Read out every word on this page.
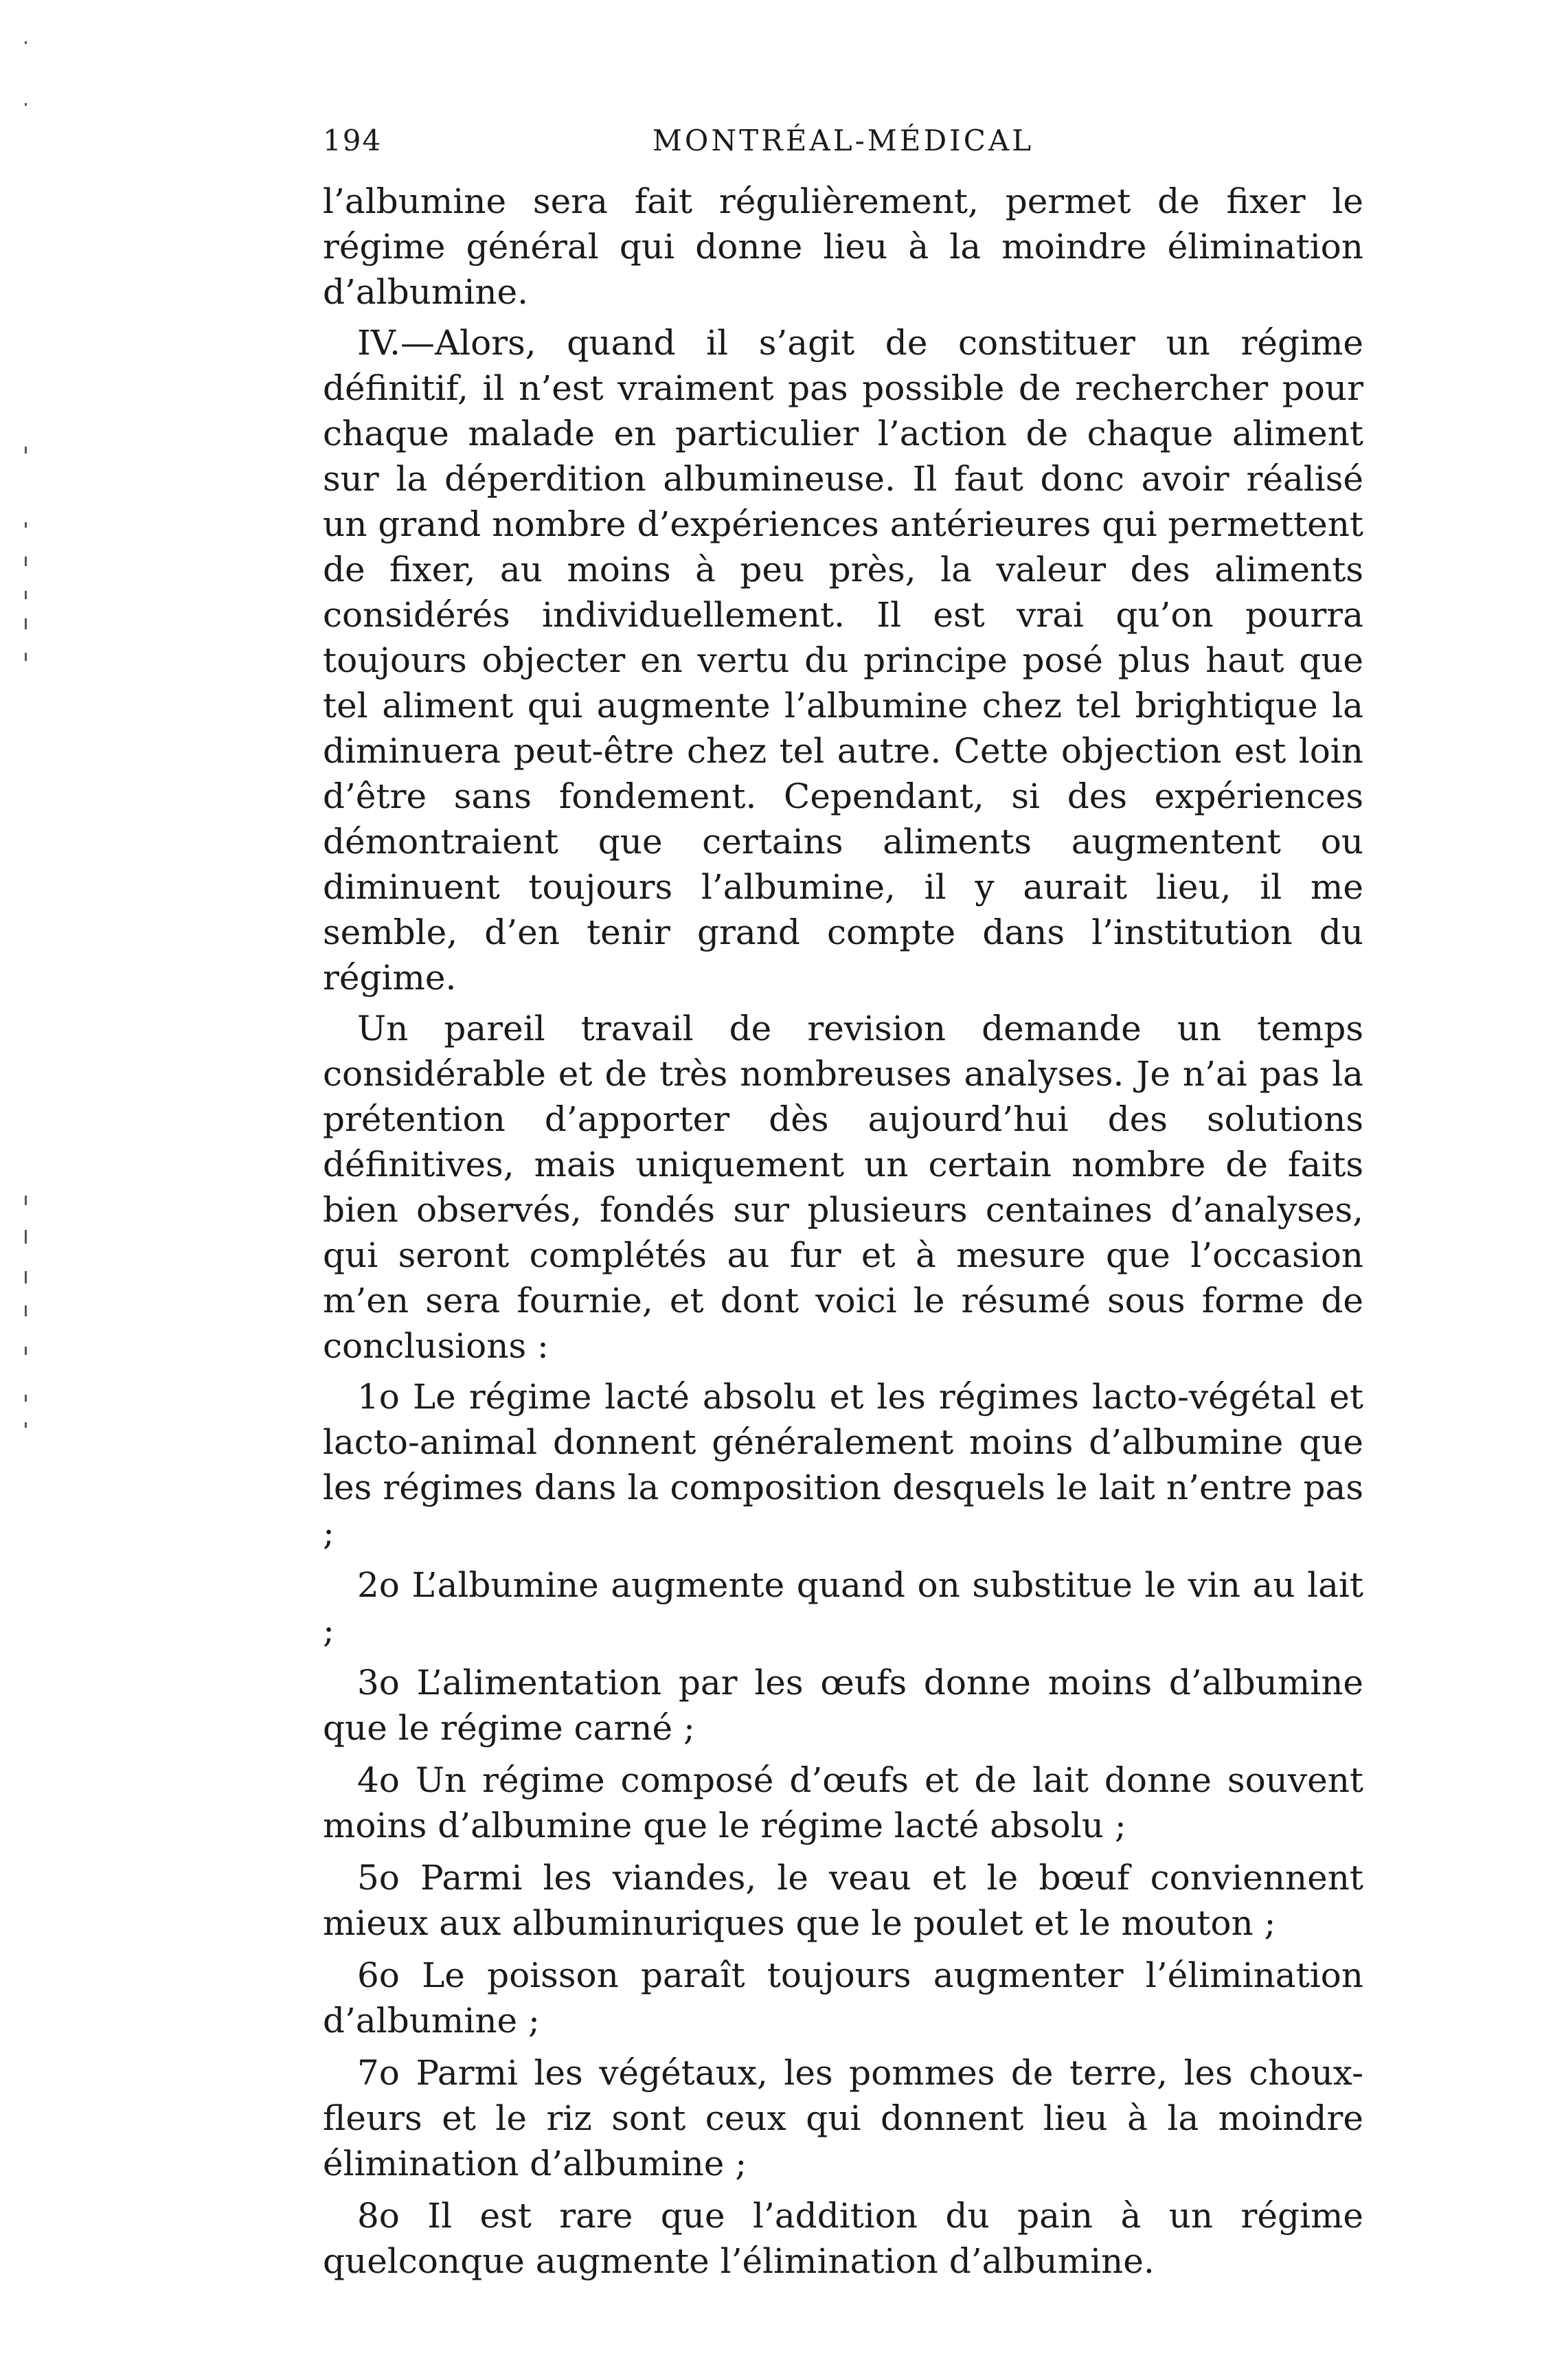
194	MONTRÉAL-MÉDICAL

l’albumine sera fait régulièrement, permet de fixer le régime général qui donne lieu à la moindre élimination d’albumine.

IV.—Alors, quand il s’agit de constituer un régime définitif, il n’est vraiment pas possible de rechercher pour chaque malade en particulier l’action de chaque aliment sur la déperdition albumineuse. Il faut donc avoir réalisé un grand nombre d’expériences antérieures qui permettent de fixer, au moins à peu près, la valeur des aliments considérés individuellement. Il est vrai qu’on pourra toujours objecter en vertu du principe posé plus haut que tel aliment qui augmente l’albumine chez tel brightique la diminuera peut-être chez tel autre. Cette objection est loin d’être sans fondement. Cependant, si des expériences démontraient que certains aliments augmentent ou diminuent toujours l’albumine, il y aurait lieu, il me semble, d’en tenir grand compte dans l’institution du régime.

Un pareil travail de revision demande un temps considérable et de très nombreuses analyses. Je n’ai pas la prétention d’apporter dès aujourd’hui des solutions définitives, mais uniquement un certain nombre de faits bien observés, fondés sur plusieurs centaines d’analyses, qui seront complétés au fur et à mesure que l’occasion m’en sera fournie, et dont voici le résumé sous forme de conclusions :

1o Le régime lacté absolu et les régimes lacto-végétal et lacto-animal donnent généralement moins d’albumine que les régimes dans la composition desquels le lait n’entre pas ;

2o L’albumine augmente quand on substitue le vin au lait ;

3o L’alimentation par les œufs donne moins d’albumine que le régime carné ;

4o Un régime composé d’œufs et de lait donne souvent moins d’albumine que le régime lacté absolu ;

5o Parmi les viandes, le veau et le bœuf conviennent mieux aux albuminuriques que le poulet et le mouton ;

6o Le poisson paraît toujours augmenter l’élimination d’albumine ;

7o Parmi les végétaux, les pommes de terre, les choux-fleurs et le riz sont ceux qui donnent lieu à la moindre élimination d’albumine ;

8o Il est rare que l’addition du pain à un régime quelconque augmente l’élimination d’albumine.
